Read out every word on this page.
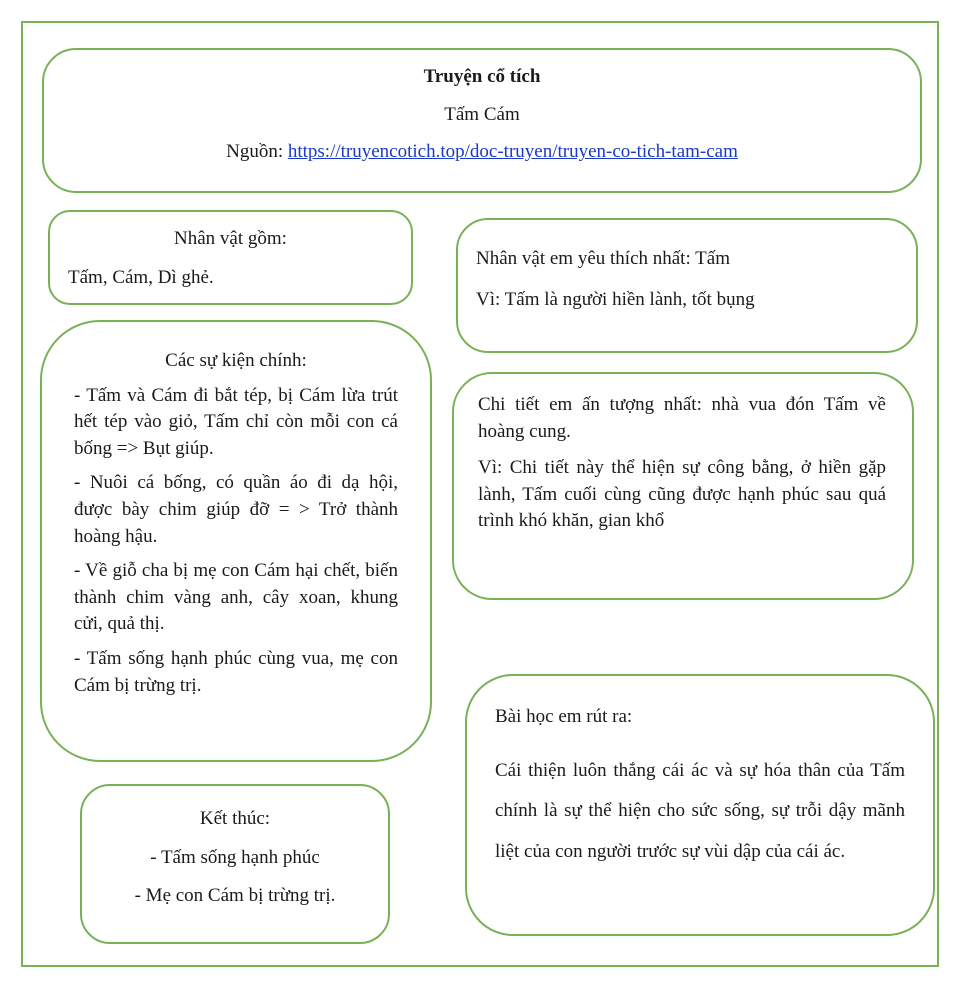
Truyện cổ tích

Tấm Cám

Nguồn: https://truyencotich.top/doc-truyen/truyen-co-tich-tam-cam

Nhân vật gồm:

Tấm, Cám, Dì ghẻ.

Nhân vật em yêu thích nhất: Tấm

Vì: Tấm là người hiền lành, tốt bụng

Các sự kiện chính:

- Tấm và Cám đi bắt tép, bị Cám lừa trút hết tép vào giỏ, Tấm chỉ còn mỗi con cá bống => Bụt giúp.

- Nuôi cá bống, có quần áo đi dạ hội, được bày chim giúp đỡ = > Trở thành hoàng hậu.

- Về giỗ cha bị mẹ con Cám hại chết, biến thành chim vàng anh, cây xoan, khung cửi, quả thị.

- Tấm sống hạnh phúc cùng vua, mẹ con Cám bị trừng trị.

Chi tiết em ấn tượng nhất: nhà vua đón Tấm về hoàng cung.

Vì: Chi tiết này thể hiện sự công bằng, ở hiền gặp lành, Tấm cuối cùng cũng được hạnh phúc sau quá trình khó khăn, gian khổ

Kết thúc:

- Tấm sống hạnh phúc

- Mẹ con Cám bị trừng trị.

Bài học em rút ra:

Cái thiện luôn thắng cái ác và sự hóa thân của Tấm chính là sự thể hiện cho sức sống, sự trỗi dậy mãnh liệt của con người trước sự vùi dập của cái ác.
